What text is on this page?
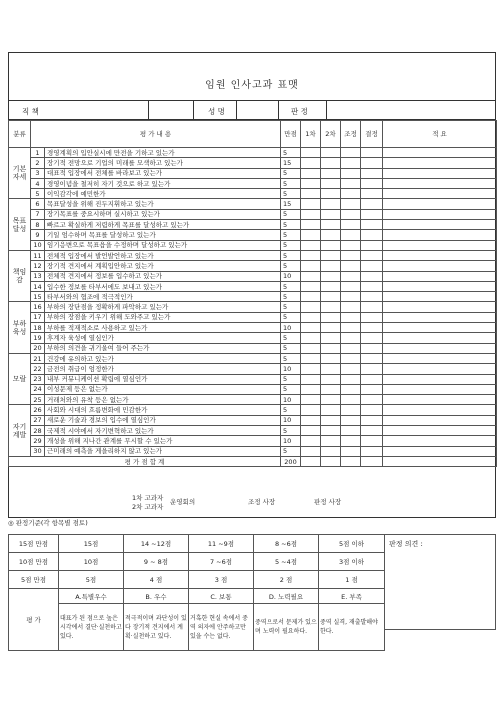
임원 인사고과 표맷
직 책	성 명	판 정
분류	평 가 내 용		만점	1차	2차	조정	결정	적 요
기본자세	1	경영계획의 입안실시에 만전을 기하고 있는가	5					
	2	장기적 전망으로 기업의 미래를 모색하고 있는가	15					
	3	대표적 입장에서 전체를 바라보고 있는가	5					
	4	경영이념을 철저히 자기 것으로 하고 있는가	5					
	5	이익감각에 예민한가	5					
목표달성	6	목표달성을 위해 진두지휘하고 있는가	15					
	7	장기목표를 중요시하며 실시하고 있는가	5					
	8	빠르고 확실하게 저렴하게 목표를 달성하고 있는가	5					
	9	기일 엄수하며 목표를 달성하고 있는가	5					
	10	임기응변으로 목표읍을 수정하며 달성하고 있는가	5					
책임감	11	전체적 입장에서 발언발언하고 있는가	5					
	12	장기적 견지에서 계획입안하고 있는가	5					
	13	전체적 견지에서 정보를 입수하고 있는가	10					
	14	입수한 정보를 타부서에도 보내고 있는가	5					
	15	타부서와의 협조에 적극적인가	5					
부하육성	16	부하의 장단점을 정확하게 파악하고 있는가	5					
	17	부하의 장점을 키우기 위해 도와주고 있는가	5					
	18	부하를 적재적소로 사용하고 있는가	10					
	19	후계자 육성에 열심인가	5					
	20	부하의 의견을 귀기울여 들어 주는가	5					
모랄	21	건강에 유의하고 있는가	5					
	22	금전의 취급이 엄정한가	10					
	23	내부 커뮤니케이션 확립에 열심인가	5					
	24	이성문제 등은 없는가	5					
	25	거래처와의 유착 등은 없는가	10					
자기계발	26	사회와 시대의 흐름변화에 민감한가	5					
	27	새로운 기술과 경보의 입수에 열심인가	10					
	28	국제적 시야에서 자기변혁하고 있는가	5					
	29	개성을 위해 지나간 관계를 무시할 수 있는가	10					
	30	근미래의 예측을 게을리하지 않고 있는가	5					
평 가 점 합 계			200					
1차 고과자
2차 고과자
운영회의	조정 사장	판정 사장
◎ 판정기준(각 항목별 점토)
15점 만점	15점	14 ~12점	11 ~9점	8 ~6점	5점 이하
10점 만점	10점	9 ~ 8점	7 ~6점	5 ~4점	3점 이하
5점 만점	5점	4 점	3 점	2 점	1 점
평 가	A.특별우수	B. 우수	C. 보통	D. 노력필요	E. 부족
	대표가 된 점으로 높은 시각에서 결단·실천하고 있다.	적극적이며 과단성이 있다 장기적 견지에서 계획·실천하고 있다.	거혹한 현실 속에서 중역 의자에 안주하고만 있을 수는 없다.	중역으로서 문제가 있으며 노력이 필요하다.	중역 실격, 재출발해야 한다.
판정 의견 :
